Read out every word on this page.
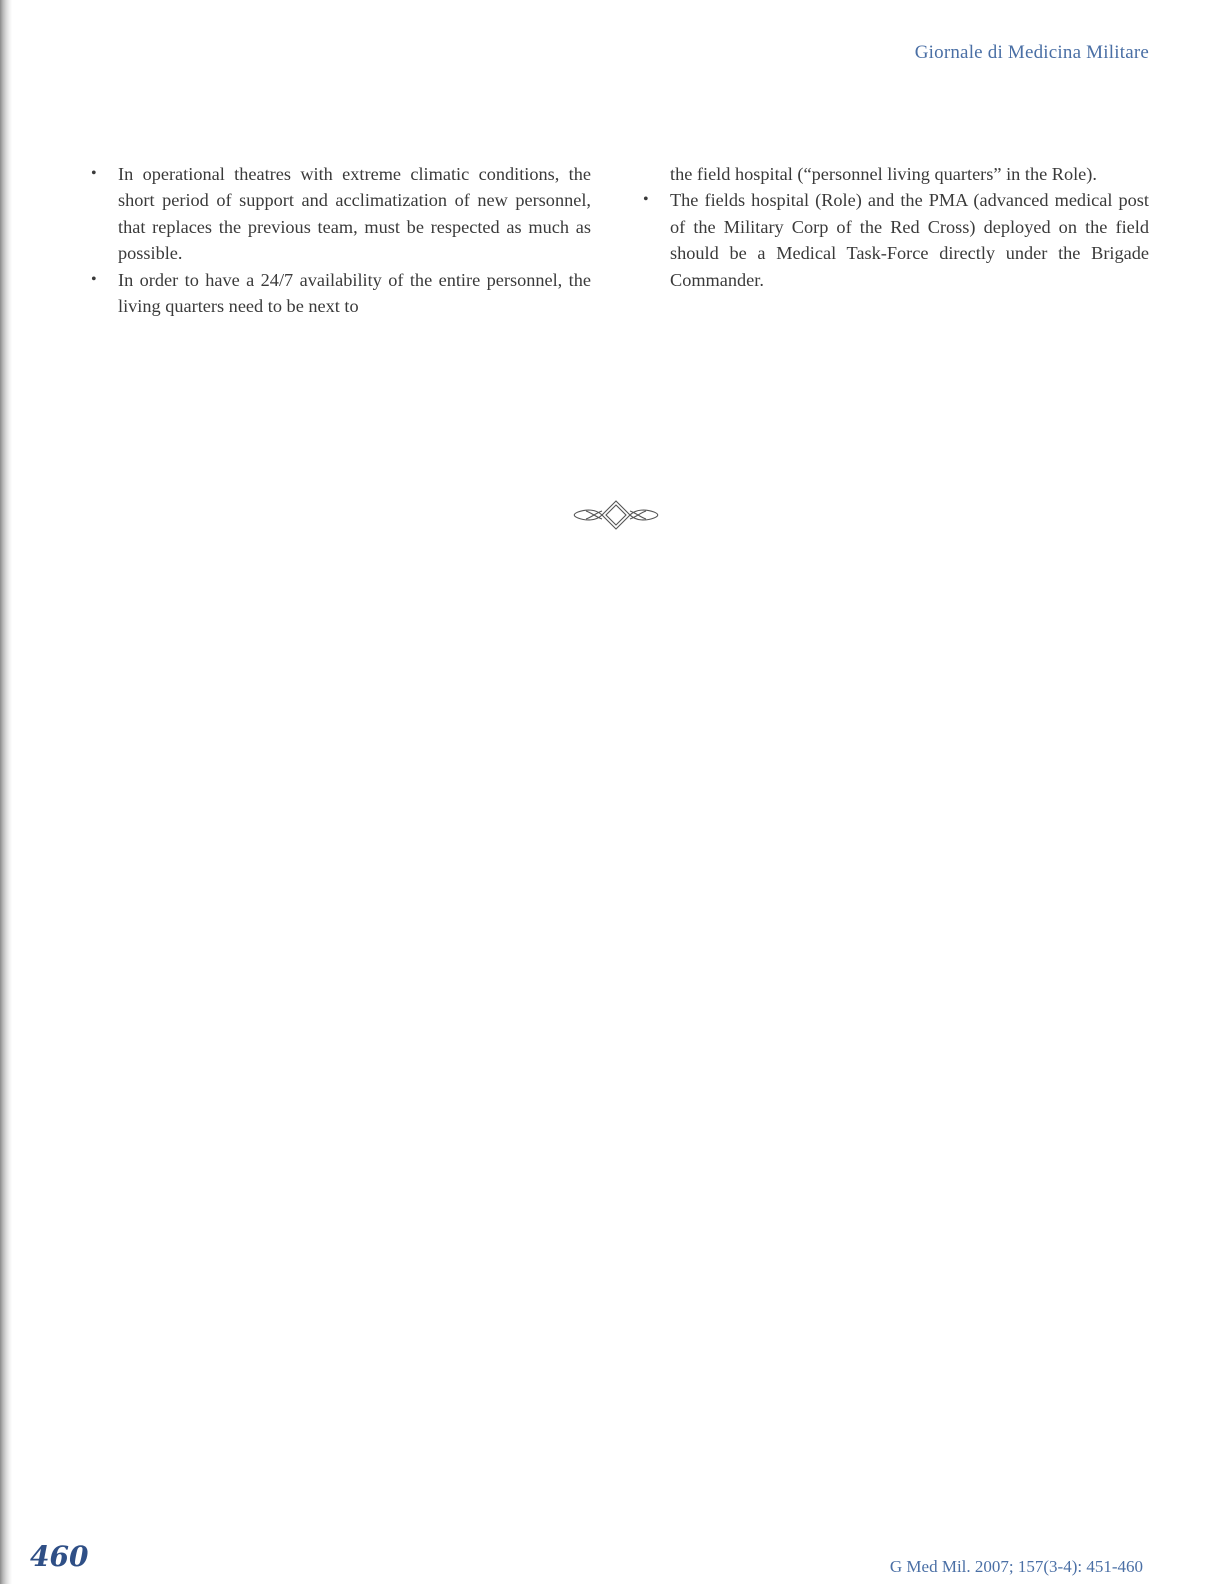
Giornale di Medicina Militare
• In operational theatres with extreme climatic conditions, the short period of support and acclimatization of new personnel, that replaces the previous team, must be respected as much as possible.
• In order to have a 24/7 availability of the entire personnel, the living quarters need to be next to

the field hospital (“personnel living quarters” in the Role).

• The fields hospital (Role) and the PMA (advanced medical post of the Military Corp of the Red Cross) deployed on the field should be a Medical Task-Force directly under the Brigade Commander.
460	G Med Mil. 2007; 157(3-4): 451-460
